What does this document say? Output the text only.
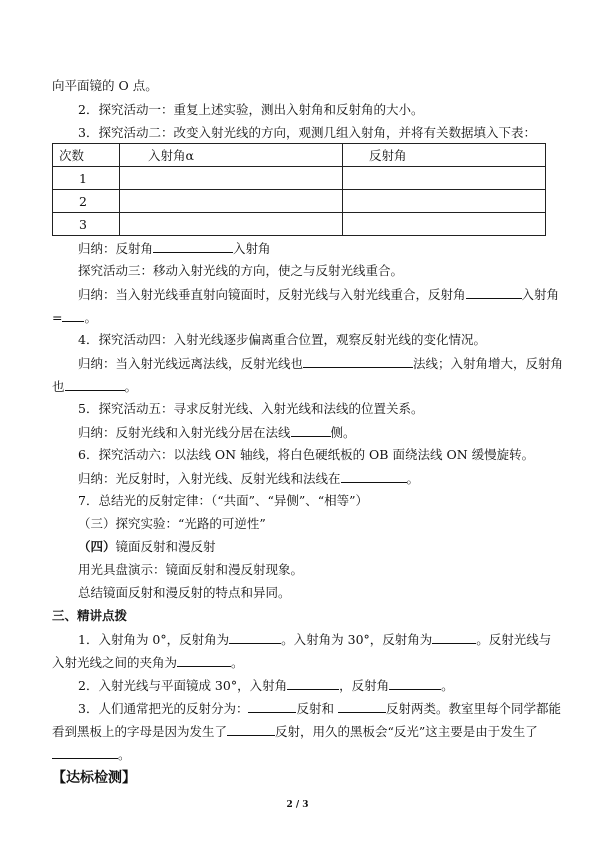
向平面镜的 O 点。
2．探究活动一：重复上述实验，测出入射角和反射角的大小。
3．探究活动二：改变入射光线的方向，观测几组入射角，并将有关数据填入下表：
次数	入射角α	反射角
1		
2		
3		
归纳：反射角	入射角
探究活动三：移动入射光线的方向，使之与反射光线重合。
归纳：当入射光线垂直射向镜面时，反射光线与入射光线重合，反射角	入射角
= 。
4．探究活动四：入射光线逐步偏离重合位置，观察反射光线的变化情况。
归纳：当入射光线远离法线，反射光线也	法线；入射角增大，反射角
也	。
5．探究活动五：寻求反射光线、入射光线和法线的位置关系。
归纳：反射光线和入射光线分居在法线	侧。
6．探究活动六：以法线 ON 轴线，将白色硬纸板的 OB 面绕法线 ON 缓慢旋转。
归纳：光反射时，入射光线、反射光线和法线在	。
7．总结光的反射定律：（“共面”、“异侧”、“相等”）
（三）探究实验：“光路的可逆性”
（四）镜面反射和漫反射
用光具盘演示：镜面反射和漫反射现象。
总结镜面反射和漫反射的特点和异同。
三、精讲点拨
1．入射角为 0°，反射角为	。入射角为 30°，反射角为	。反射光线与
入射光线之间的夹角为	。
2．入射光线与平面镜成 30°，入射角	，反射角	。
3．人们通常把光的反射分为：	反射和	反射两类。教室里每个同学都能
看到黑板上的字母是因为发生了	反射，用久的黑板会“反光”这主要是由于发生了
。
【达标检测】
2 / 3
